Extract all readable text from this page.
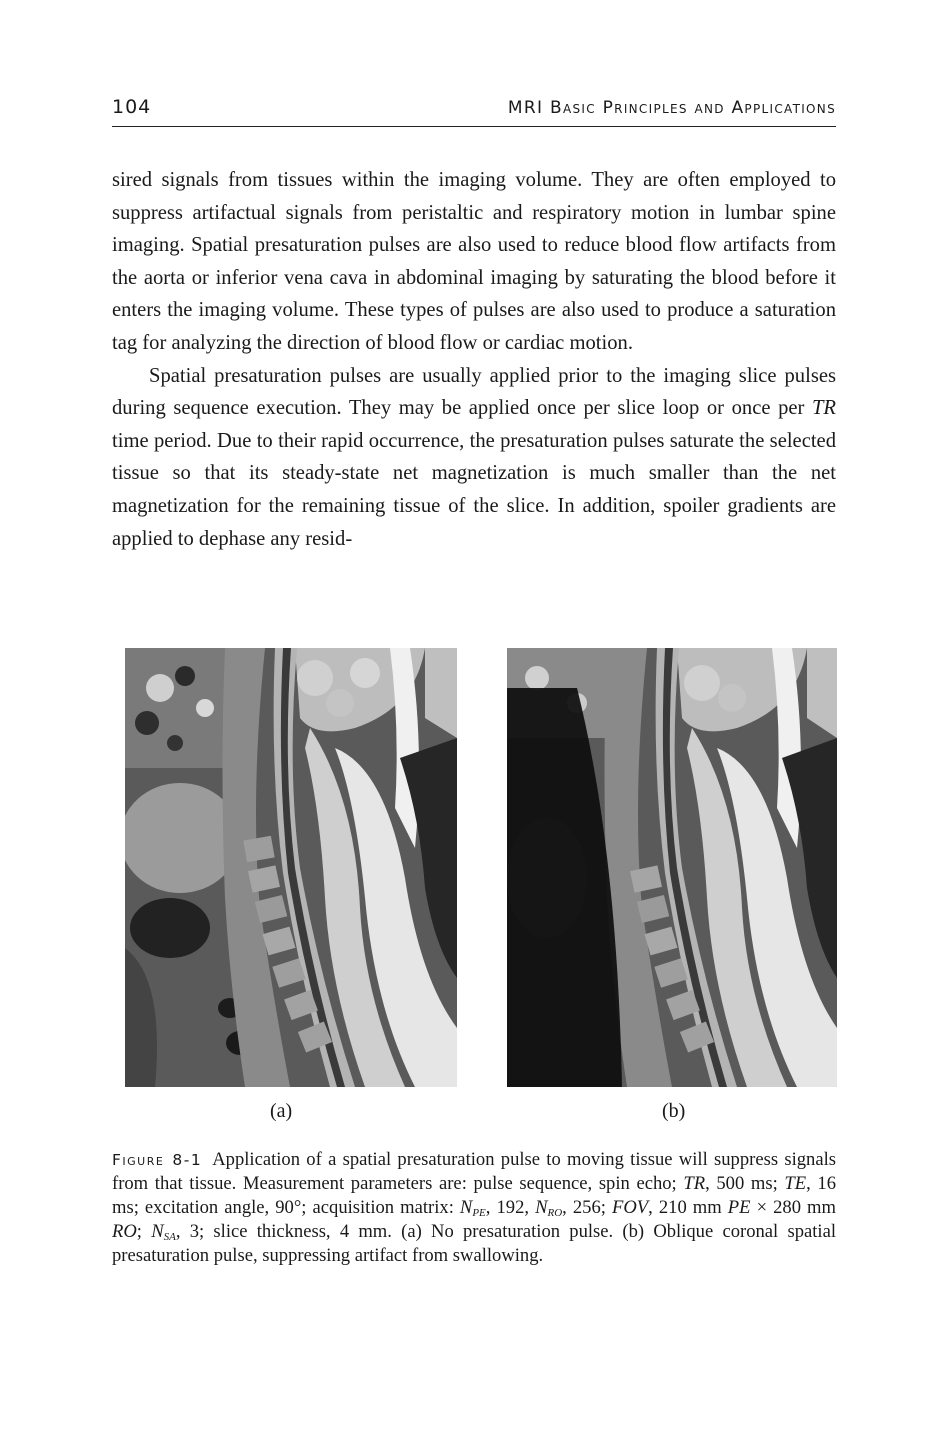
104	MRI Basic Principles and Applications

sired signals from tissues within the imaging volume. They are often employed to suppress artifactual signals from peristaltic and respiratory motion in lumbar spine imaging. Spatial presaturation pulses are also used to reduce blood flow artifacts from the aorta or inferior vena cava in abdominal imaging by saturating the blood before it enters the imaging volume. These types of pulses are also used to produce a saturation tag for analyzing the direction of blood flow or cardiac motion.

Spatial presaturation pulses are usually applied prior to the imaging slice pulses during sequence execution. They may be applied once per slice loop or once per TR time period. Due to their rapid occurrence, the presaturation pulses saturate the selected tissue so that its steady-state net magnetization is much smaller than the net magnetization for the remaining tissue of the slice. In addition, spoiler gradients are applied to dephase any resid-

(a)	(b)
Figure 8-1 Application of a spatial presaturation pulse to moving tissue will suppress signals from that tissue. Measurement parameters are: pulse sequence, spin echo; TR, 500 ms; TE, 16 ms; excitation angle, 90°; acquisition matrix: $N_{PE}$, 192, $N_{RO}$, 256; FOV, 210 mm PE × 280 mm RO; $N_{SA}$, 3; slice thickness, 4 mm. (a) No presaturation pulse. (b) Oblique coronal spatial presaturation pulse, suppressing artifact from swallowing.
